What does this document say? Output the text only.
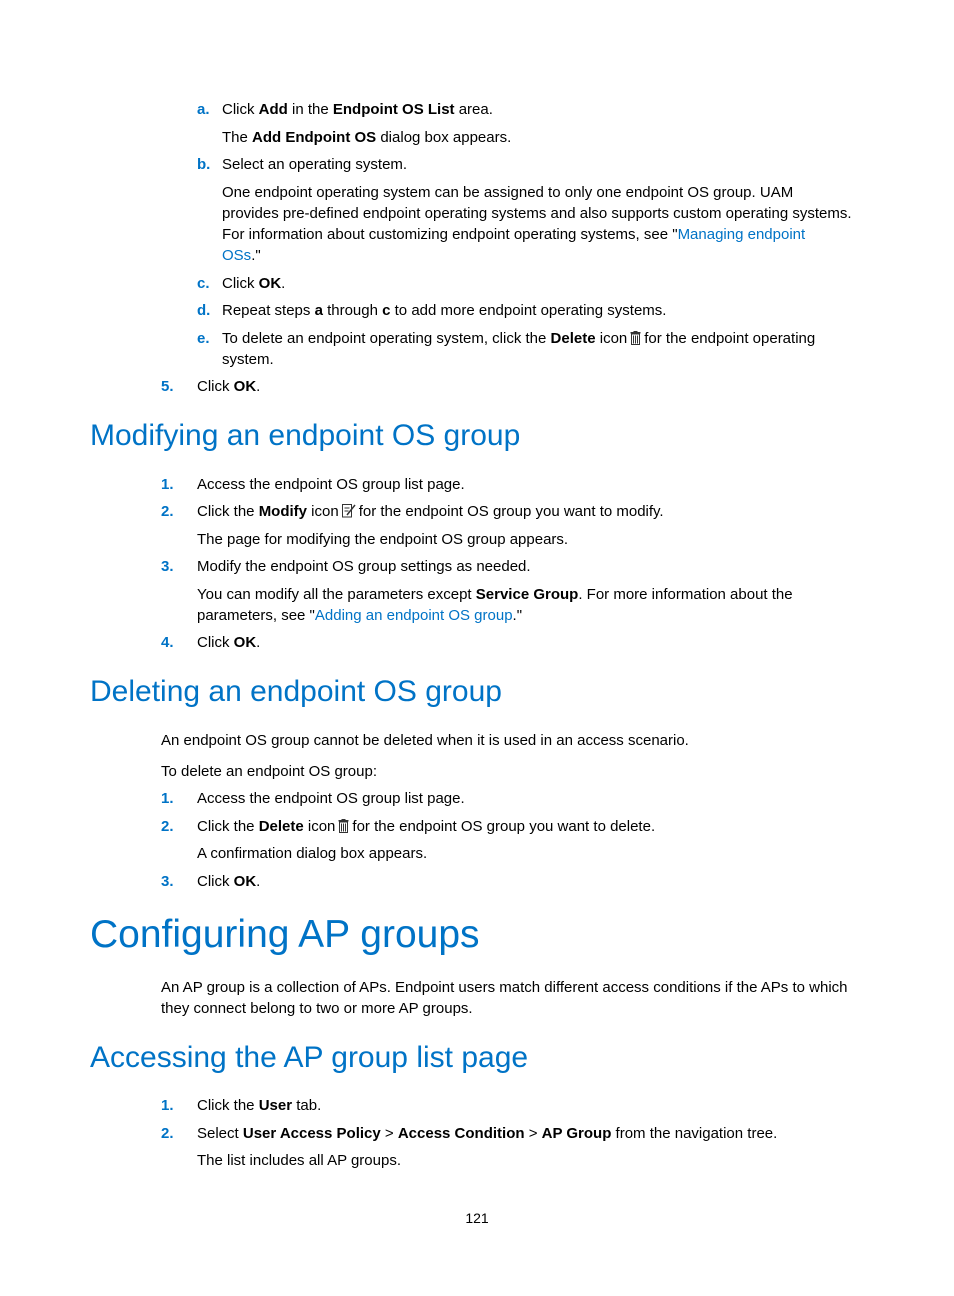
a. Click Add in the Endpoint OS List area.
The Add Endpoint OS dialog box appears.
b. Select an operating system.
One endpoint operating system can be assigned to only one endpoint OS group. UAM
provides pre-defined endpoint operating systems and also supports custom operating systems.
For information about customizing endpoint operating systems, see "Managing endpoint
OSs."
c. Click OK.
d. Repeat steps a through c to add more endpoint operating systems.
e. To delete an endpoint operating system, click the Delete icon for the endpoint operating
system.
5. Click OK.
Modifying an endpoint OS group
1. Access the endpoint OS group list page.
2. Click the Modify icon for the endpoint OS group you want to modify.
The page for modifying the endpoint OS group appears.
3. Modify the endpoint OS group settings as needed.
You can modify all the parameters except Service Group. For more information about the
parameters, see "Adding an endpoint OS group."
4. Click OK.
Deleting an endpoint OS group
An endpoint OS group cannot be deleted when it is used in an access scenario.
To delete an endpoint OS group:
1. Access the endpoint OS group list page.
2. Click the Delete icon for the endpoint OS group you want to delete.
A confirmation dialog box appears.
3. Click OK.
Configuring AP groups
An AP group is a collection of APs. Endpoint users match different access conditions if the APs to which
they connect belong to two or more AP groups.
Accessing the AP group list page
1. Click the User tab.
2. Select User Access Policy > Access Condition > AP Group from the navigation tree.
The list includes all AP groups.
121
